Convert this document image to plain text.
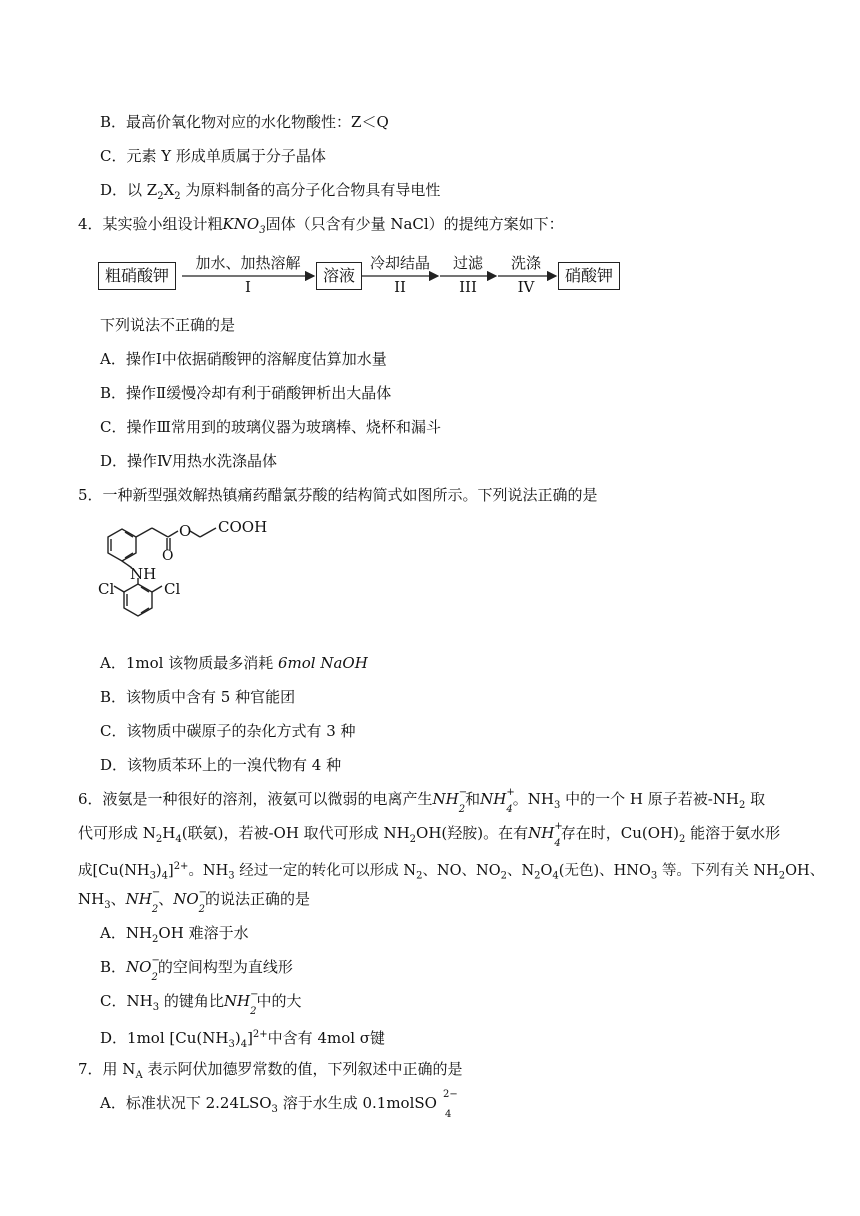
B．最高价氧化物对应的水化物酸性：Z＜Q
C．元素 Y 形成单质属于分子晶体
D．以 $Z_2X_2$ 为原料制备的高分子化合物具有导电性
4．某实验小组设计粗$KNO_3$固体（只含有少量 NaCl）的提纯方案如下：
粗硝酸钾	溶液	硝酸钾
加水、加热溶解
I
冷却结晶
II
过滤
III
洗涤
IV
下列说法不正确的是
A．操作Ⅰ中依据硝酸钾的溶解度估算加水量
B．操作Ⅱ缓慢冷却有利于硝酸钾析出大晶体
C．操作Ⅲ常用到的玻璃仪器为玻璃棒、烧杯和漏斗
D．操作Ⅳ用热水洗涤晶体
5．一种新型强效解热镇痛药醋氯芬酸的结构简式如图所示。下列说法正确的是
COOH
O
O
NH
Cl	Cl
A．1mol 该物质最多消耗 6mol NaOH
B．该物质中含有 5 种官能团
C．该物质中碳原子的杂化方式有 3 种
D．该物质苯环上的一溴代物有 4 种
6．液氨是一种很好的溶剂，液氨可以微弱的电离产生NH −
$_2$和NH +
$_4$。$NH_3$ 中的一个 H 原子若被$-NH_2$ 取
代可形成 $N_2H_4$(联氨)，若被-OH 取代可形成 $NH_2OH$(羟胺)。在有NH +
$_4$存在时，$Cu(OH)_2$ 能溶于氨水形
成$[Cu(NH_3)_4]^{2+}$。$NH_3$ 经过一定的转化可以形成 $N_2$、NO、$NO_2$、$N_2O_4$(无色)、$HNO_3$ 等。下列有关 $NH_2OH$、
$NH_3$、NH −
$_2$、NO −
$_2$的说法正确的是
A．$NH_2OH$ 难溶于水
B．NO −
$_2$的空间构型为直线形
C．$NH_3$ 的键角比NH −
$_2$中的大
D．1mol $[Cu(NH_3)_4]^{2+}$中含有 4mol σ键
7．用 $N_A$ 表示阿伏加德罗常数的值，下列叙述中正确的是
A．标准状况下 $2.24LSO_3$ 溶于水生成 0.1molSO 2−
$_4$
